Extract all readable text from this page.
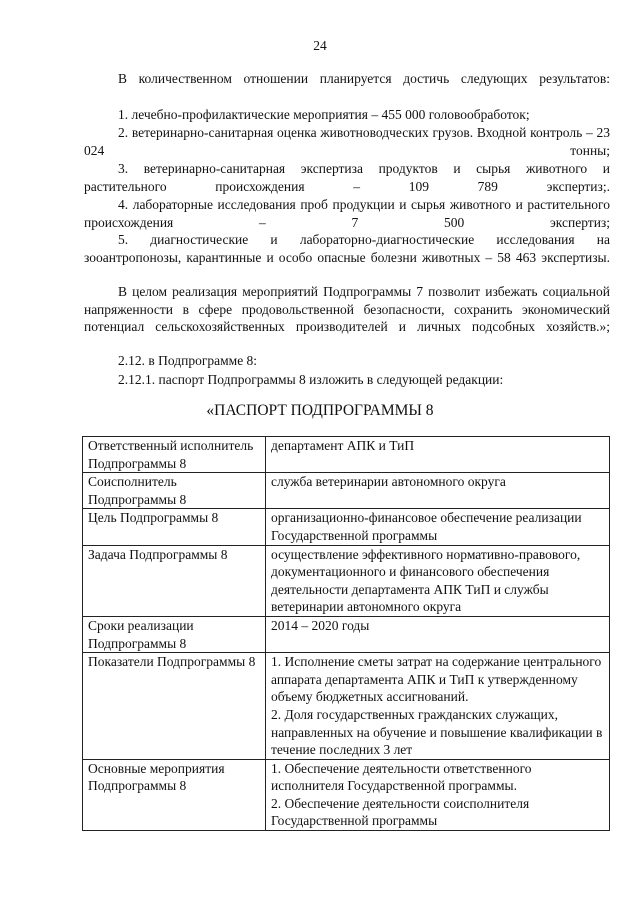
24
В количественном отношении планируется достичь следующих результатов:
1. лечебно-профилактические мероприятия – 455 000 головообработок;
2. ветеринарно-санитарная оценка животноводческих грузов. Входной контроль – 23 024 тонны;
3. ветеринарно-санитарная экспертиза продуктов и сырья животного и растительного происхождения – 109 789 экспертиз;.
4. лабораторные исследования проб продукции и сырья животного и растительного происхождения – 7 500 экспертиз;
5. диагностические и лабораторно-диагностические исследования на зооантропонозы, карантинные и особо опасные болезни животных – 58 463 экспертизы.
В целом реализация мероприятий Подпрограммы 7 позволит избежать социальной напряженности в сфере продовольственной безопасности, сохранить экономический потенциал сельскохозяйственных производителей и личных подсобных хозяйств.»;
2.12. в Подпрограмме 8:
2.12.1. паспорт Подпрограммы 8 изложить в следующей редакции:
«ПАСПОРТ ПОДПРОГРАММЫ 8
Ответственный исполнитель Подпрограммы 8	департамент АПК и ТиП
Соисполнитель Подпрограммы 8	служба ветеринарии автономного округа
Цель Подпрограммы 8	организационно-финансовое обеспечение реализации Государственной программы
Задача Подпрограммы 8	осуществление эффективного нормативно-правового, документационного и финансового обеспечения деятельности департамента АПК ТиП и службы ветеринарии автономного округа
Сроки реализации Подпрограммы 8	2014 – 2020 годы
Показатели Подпрограммы 8	1. Исполнение сметы затрат на содержание центрального аппарата департамента АПК и ТиП к утвержденному объему бюджетных ассигнований.
2. Доля государственных гражданских служащих, направленных на обучение и повышение квалификации в течение последних 3 лет

Основные мероприятия Подпрограммы 8	1. Обеспечение деятельности ответственного исполнителя Государственной программы.
2. Обеспечение деятельности соисполнителя Государственной программы
